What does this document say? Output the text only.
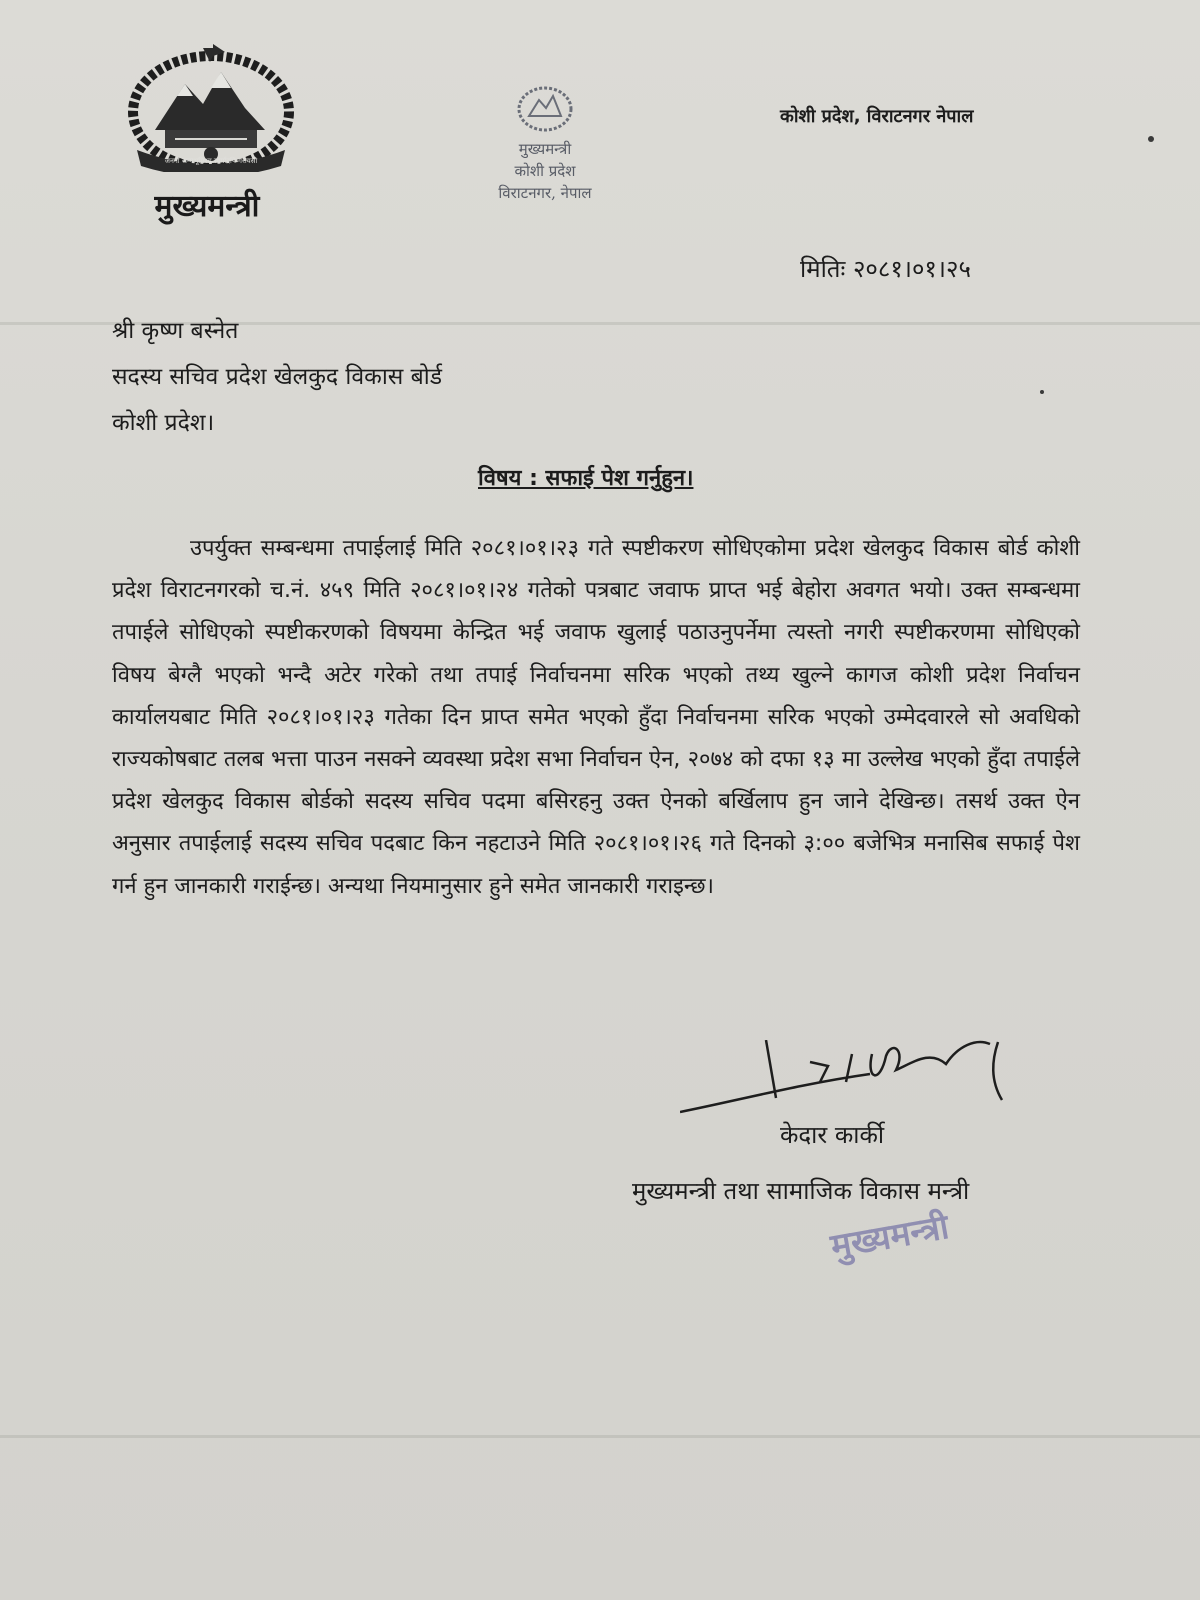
जननी जन्मभूमिश्च स्वर्गादपि गरीयसी
मुख्यमन्त्री
मुख्यमन्त्री
कोशी प्रदेश
विराटनगर, नेपाल
कोशी प्रदेश, विराटनगर नेपाल
मितिः २०८१।०१।२५
श्री कृष्ण बस्नेत
सदस्य सचिव प्रदेश खेलकुद विकास बोर्ड
कोशी प्रदेश।
विषय : सफाई पेश गर्नुहुन।
उपर्युक्त सम्बन्धमा तपाईलाई मिति २०८१।०१।२३ गते स्पष्टीकरण सोधिएकोमा प्रदेश खेलकुद विकास बोर्ड कोशी प्रदेश विराटनगरको च.नं. ४५९ मिति २०८१।०१।२४ गतेको पत्रबाट जवाफ प्राप्त भई बेहोरा अवगत भयो। उक्त सम्बन्धमा तपाईले सोधिएको स्पष्टीकरणको विषयमा केन्द्रित भई जवाफ खुलाई पठाउनुपर्नेमा त्यस्तो नगरी स्पष्टीकरणमा सोधिएको विषय बेग्लै भएको भन्दै अटेर गरेको तथा तपाई निर्वाचनमा सरिक भएको तथ्य खुल्ने कागज कोशी प्रदेश निर्वाचन कार्यालयबाट मिति २०८१।०१।२३ गतेका दिन प्राप्त समेत भएको हुँदा निर्वाचनमा सरिक भएको उम्मेदवारले सो अवधिको राज्यकोषबाट तलब भत्ता पाउन नसक्ने व्यवस्था प्रदेश सभा निर्वाचन ऐन, २०७४ को दफा १३ मा उल्लेख भएको हुँदा तपाईले प्रदेश खेलकुद विकास बोर्डको सदस्य सचिव पदमा बसिरहनु उक्त ऐनको बर्खिलाप हुन जाने देखिन्छ। तसर्थ उक्त ऐन अनुसार तपाईलाई सदस्य सचिव पदबाट किन नहटाउने मिति २०८१।०१।२६ गते दिनको ३:०० बजेभित्र मनासिब सफाई पेश गर्न हुन जानकारी गराईन्छ। अन्यथा नियमानुसार हुने समेत जानकारी गराइन्छ।
२०८१।०१।२५
केदार कार्की
मुख्यमन्त्री तथा सामाजिक विकास मन्त्री
मुख्यमन्त्री
